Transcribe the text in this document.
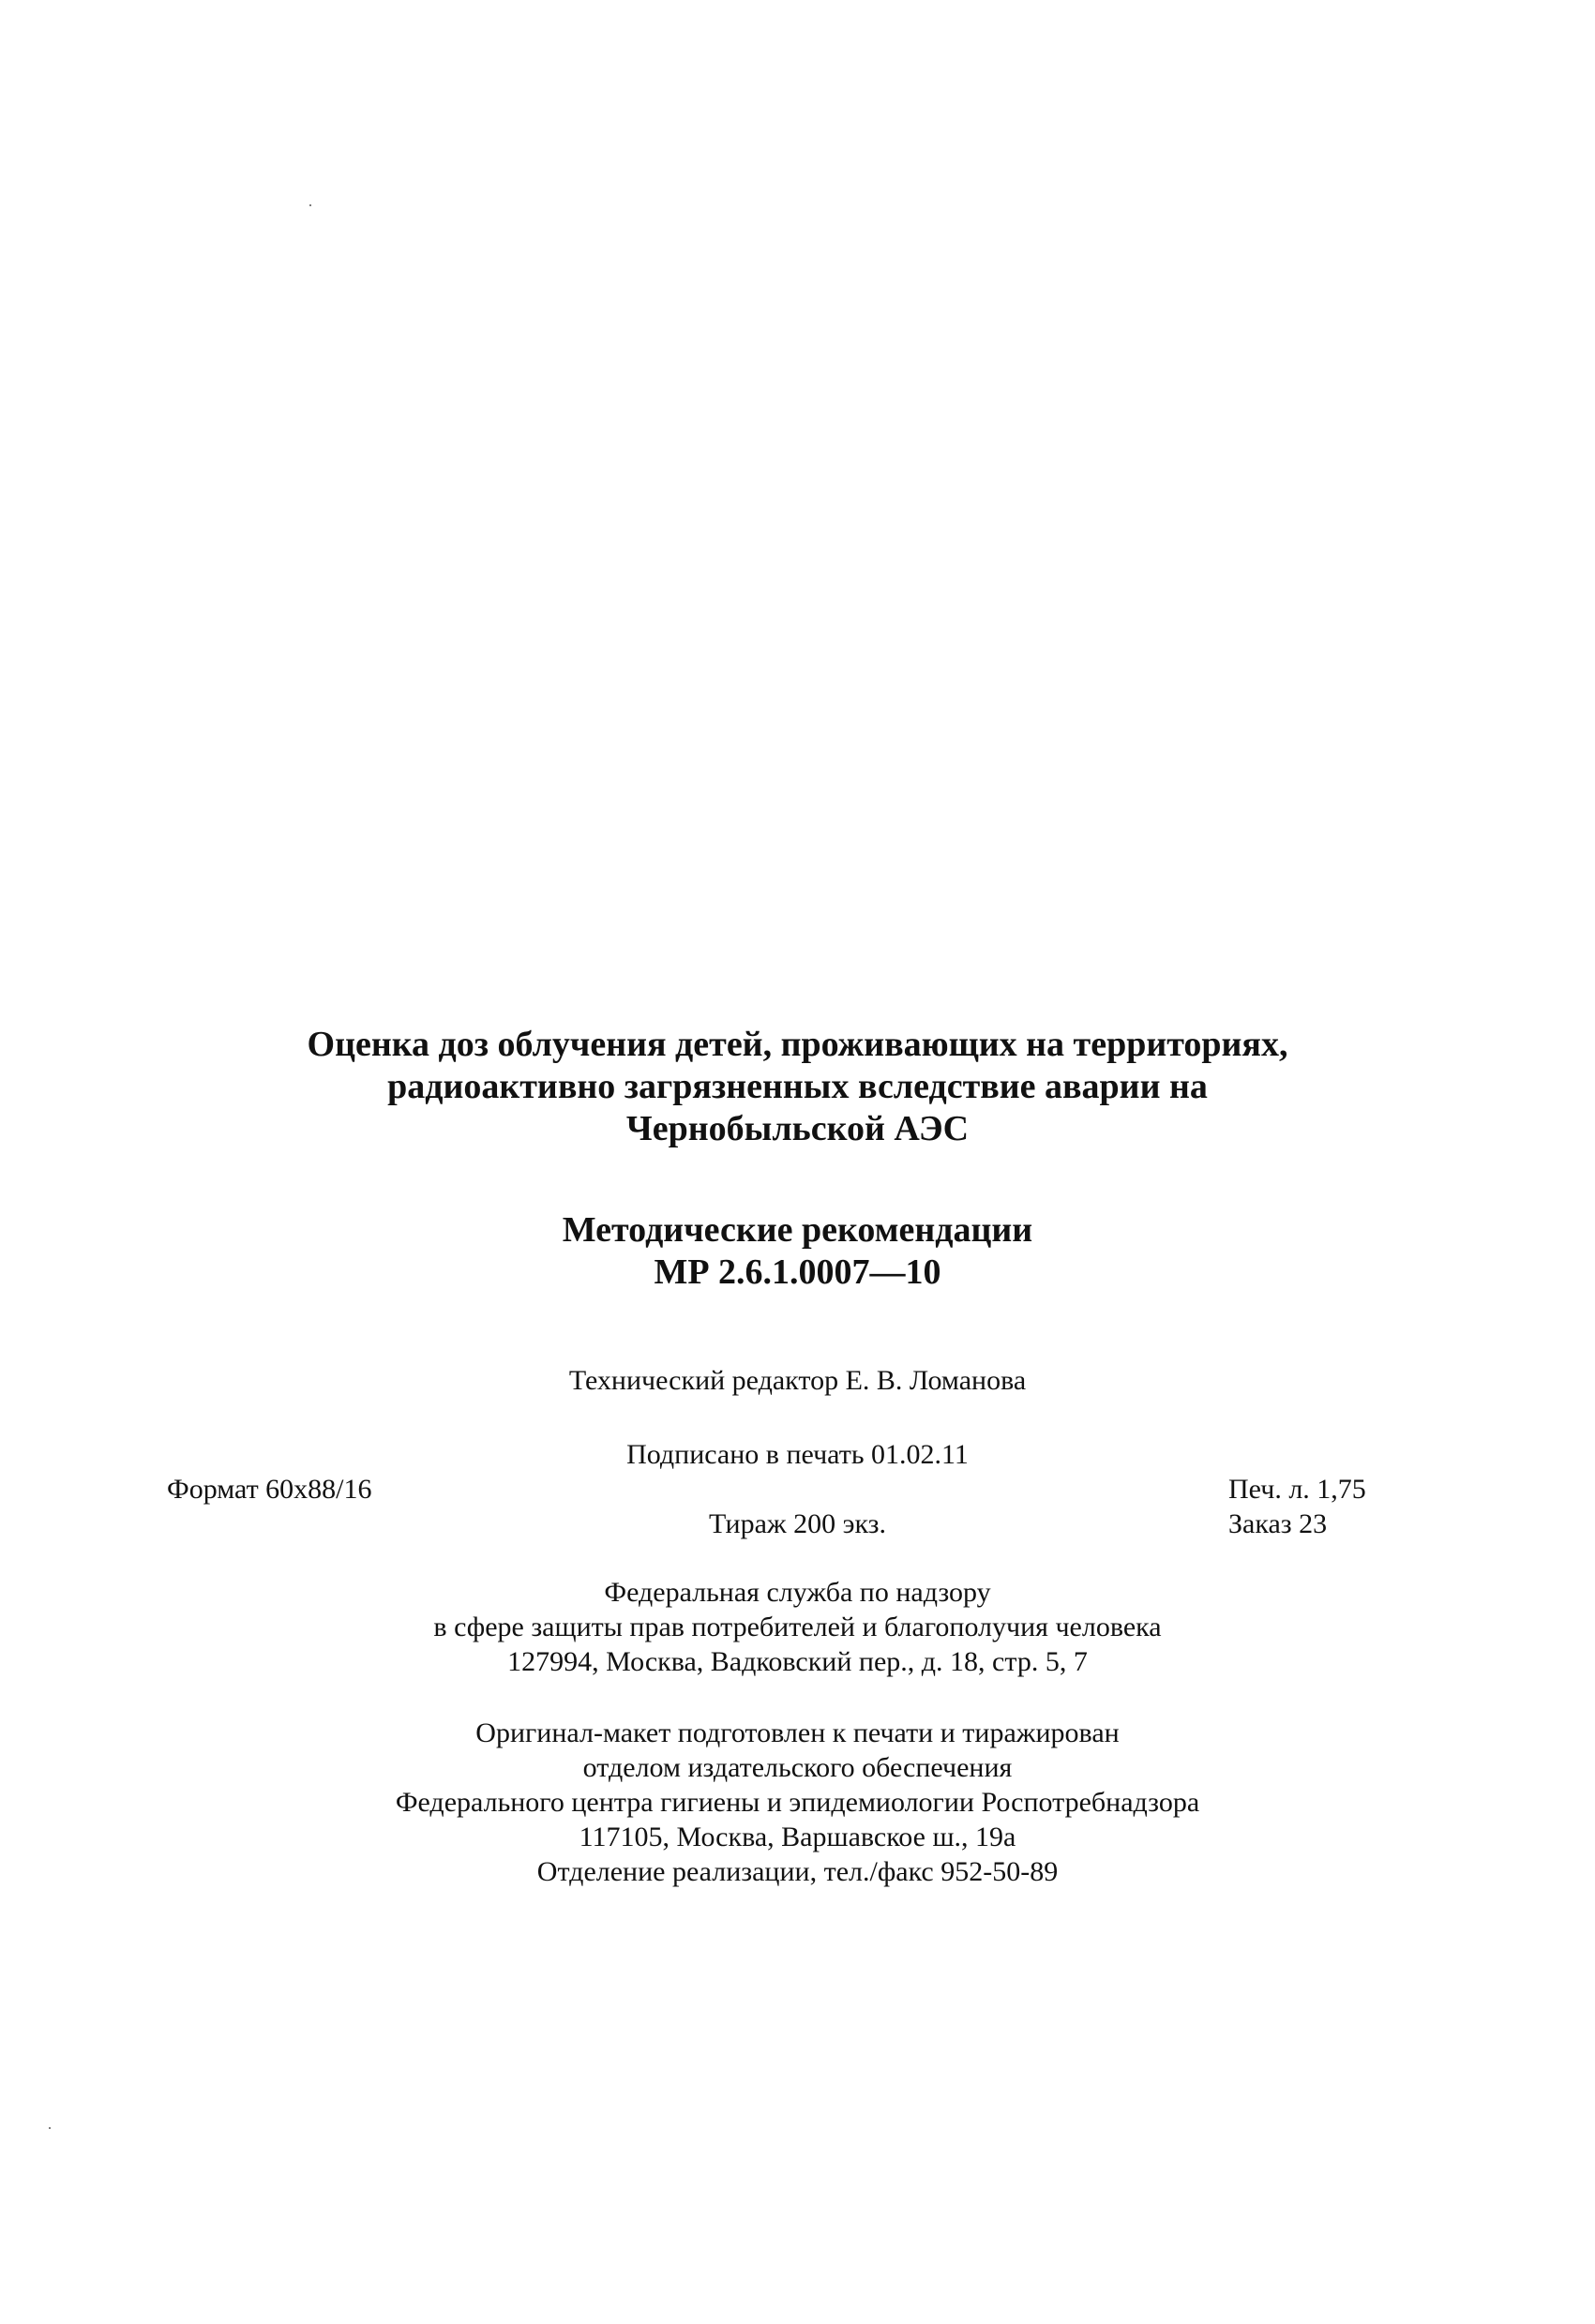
Оценка доз облучения детей, проживающих на территориях,
радиоактивно загрязненных вследствие аварии на
Чернобыльской АЭС
Методические рекомендации
МР 2.6.1.0007—10
Технический редактор Е. В. Ломанова
Подписано в печать 01.02.11
Формат 60x88/16	Печ. л. 1,75
Тираж 200 экз.	Заказ 23
Федеральная служба по надзору
в сфере защиты прав потребителей и благополучия человека
127994, Москва, Вадковский пер., д. 18, стр. 5, 7
Оригинал-макет подготовлен к печати и тиражирован
отделом издательского обеспечения
Федерального центра гигиены и эпидемиологии Роспотребнадзора
117105, Москва, Варшавское ш., 19а
Отделение реализации, тел./факс 952-50-89
